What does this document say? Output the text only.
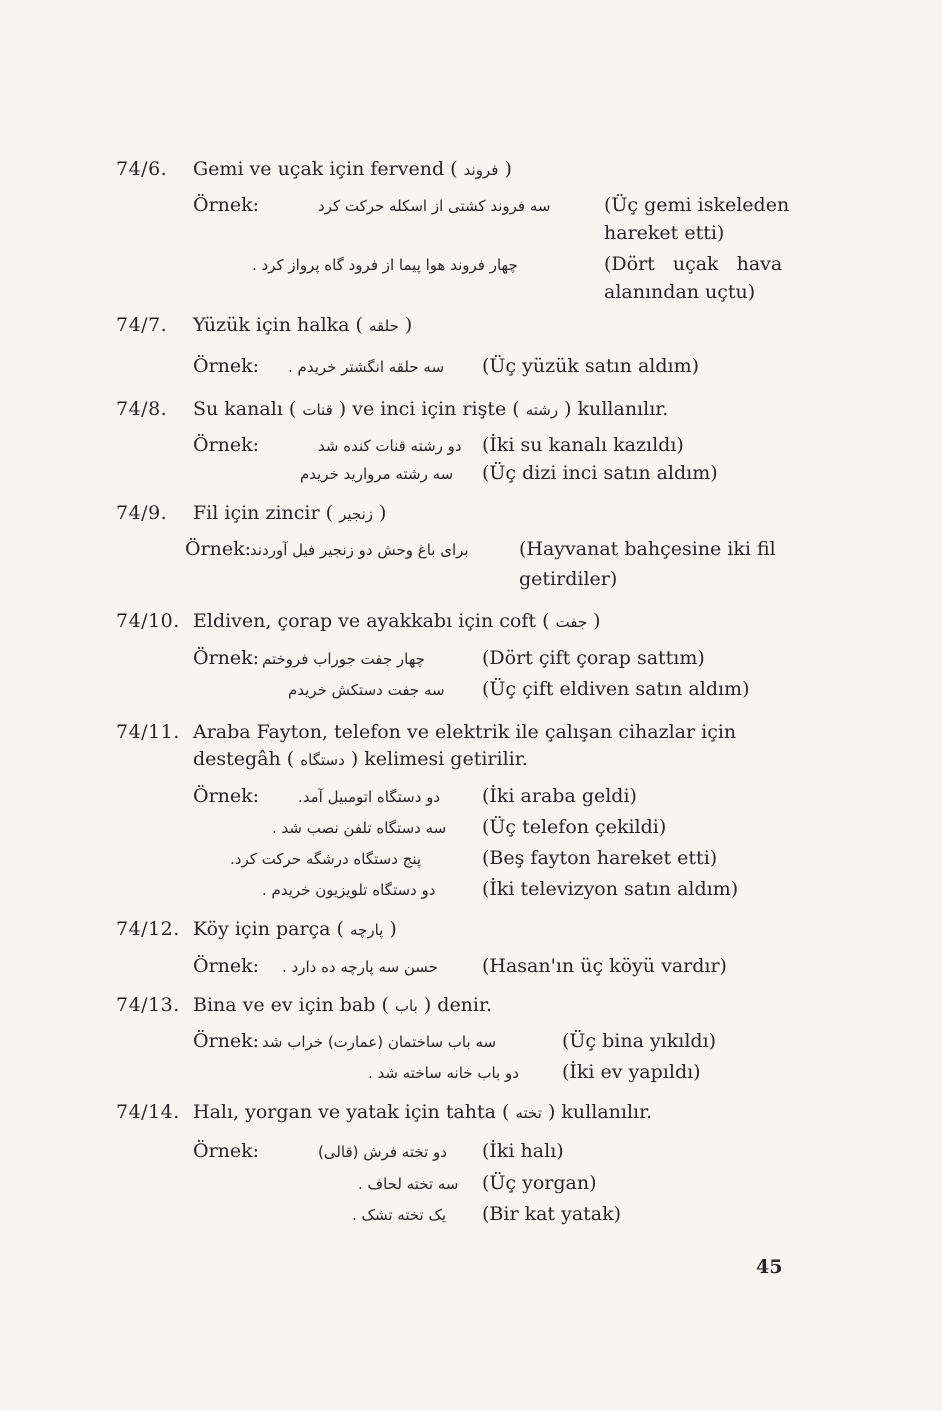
74/6. Gemi ve uçak için fervend ( فروند )
Örnek:	سه فروند کشتی از اسکله حرکت کرد	(Üç gemi iskeleden
hareket etti)
چهار فروند هوا پیما از فرود گاه پرواز کرد .	(Dört uçak hava
alanından uçtu)
74/7. Yüzük için halka ( حلقه )
Örnek: سه حلقه انگشتر خریدم . (Üç yüzük satın aldım)
74/8. Su kanalı ( قنات ) ve inci için rişte ( رشته ) kullanılır.
Örnek:	دو رشته قنات کنده شد (İki su kanalı kazıldı)
سه رشته مروارید خریدم (Üç dizi inci satın aldım)
74/9. Fil için zincir ( زنجیر )
Örnek:
برای باغ وحش دو زنجیر فیل آوردند	(Hayvanat bahçesine iki fil
getirdiler)
74/10. Eldiven, çorap ve ayakkabı için coft ( جفت )
Örnek: چهار جفت جوراب فروختم	(Dört çift çorap sattım)
سه جفت دستکش خریدم (Üç çift eldiven satın aldım)
74/11. Araba Fayton, telefon ve elektrik ile çalışan cihazlar için
destegâh ( دستگاه ) kelimesi getirilir.
Örnek:	دو دستگاه اتومبیل آمد. (İki araba geldi)
سه دستگاه تلفن نصب شد . (Üç telefon çekildi)
پنج دستگاه درشگه حرکت کرد.	(Beş fayton hareket etti)
دو دستگاه تلویزیون خریدم . (İki televizyon satın aldım)
74/12. Köy için parça ( پارچه )
Örnek: حسن سه پارچه ده دارد . (Hasan'ın üç köyü vardır)
74/13. Bina ve ev için bab ( باب ) denir.
Örnek: سه باب ساختمان (عمارت) خراب شد	(Üç bina yıkıldı)
دو باب خانه ساخته شد . (İki ev yapıldı)
74/14. Halı, yorgan ve yatak için tahta ( تخته ) kullanılır.
Örnek:	دو تخته فرش (قالی) (İki halı)
سه تخته لحاف . (Üç yorgan)
یک تخته تشک . (Bir kat yatak)
45
